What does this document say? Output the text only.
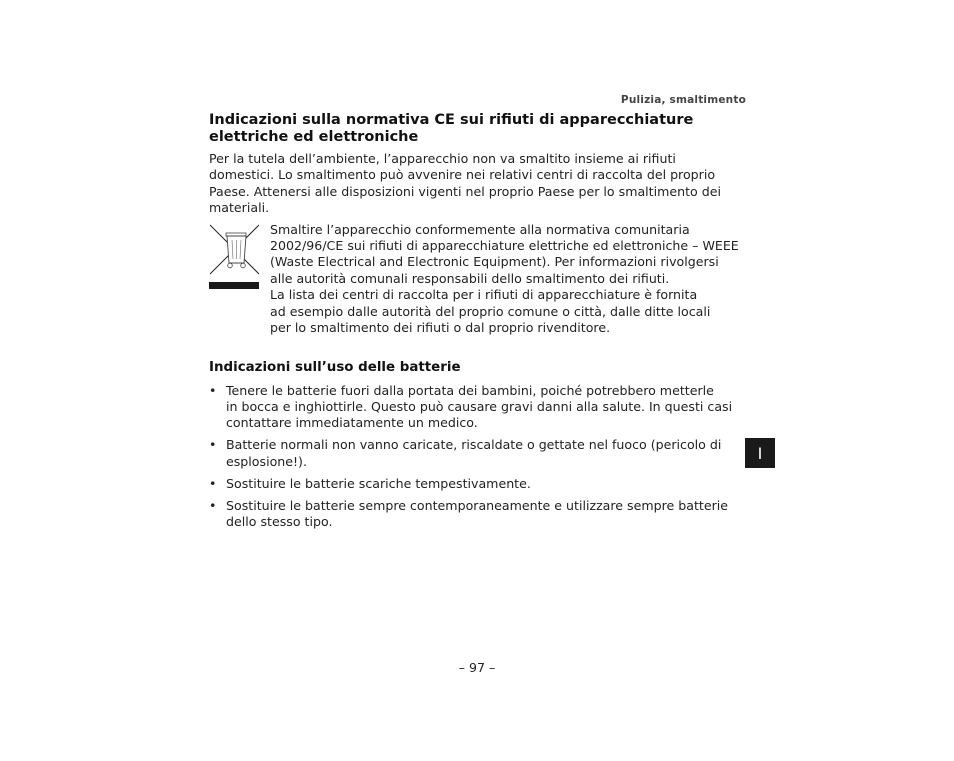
Pulizia, smaltimento
Indicazioni sulla normativa CE sui rifiuti di apparecchiature
elettriche ed elettroniche

Per la tutela dell’ambiente, l’apparecchio non va smaltito insieme ai rifiuti
domestici. Lo smaltimento può avvenire nei relativi centri di raccolta del proprio
Paese. Attenersi alle disposizioni vigenti nel proprio Paese per lo smaltimento dei
materiali.

Smaltire l’apparecchio conformemente alla normativa comunitaria
2002/96/CE sui rifiuti di apparecchiature elettriche ed elettroniche – WEEE
(Waste Electrical and Electronic Equipment). Per informazioni rivolgersi
alle autorità comunali responsabili dello smaltimento dei rifiuti.
La lista dei centri di raccolta per i rifiuti di apparecchiature è fornita
ad esempio dalle autorità del proprio comune o città, dalle ditte locali
per lo smaltimento dei rifiuti o dal proprio rivenditore.
Indicazioni sull’uso delle batterie
• Tenere le batterie fuori dalla portata dei bambini, poiché potrebbero metterle
in bocca e inghiottirle. Questo può causare gravi danni alla salute. In questi casi
contattare immediatamente un medico.
• Batterie normali non vanno caricate, riscaldate o gettate nel fuoco (pericolo di
esplosione!).
• Sostituire le batterie scariche tempestivamente.
• Sostituire le batterie sempre contemporaneamente e utilizzare sempre batterie
dello stesso tipo.
I
– 97 –
